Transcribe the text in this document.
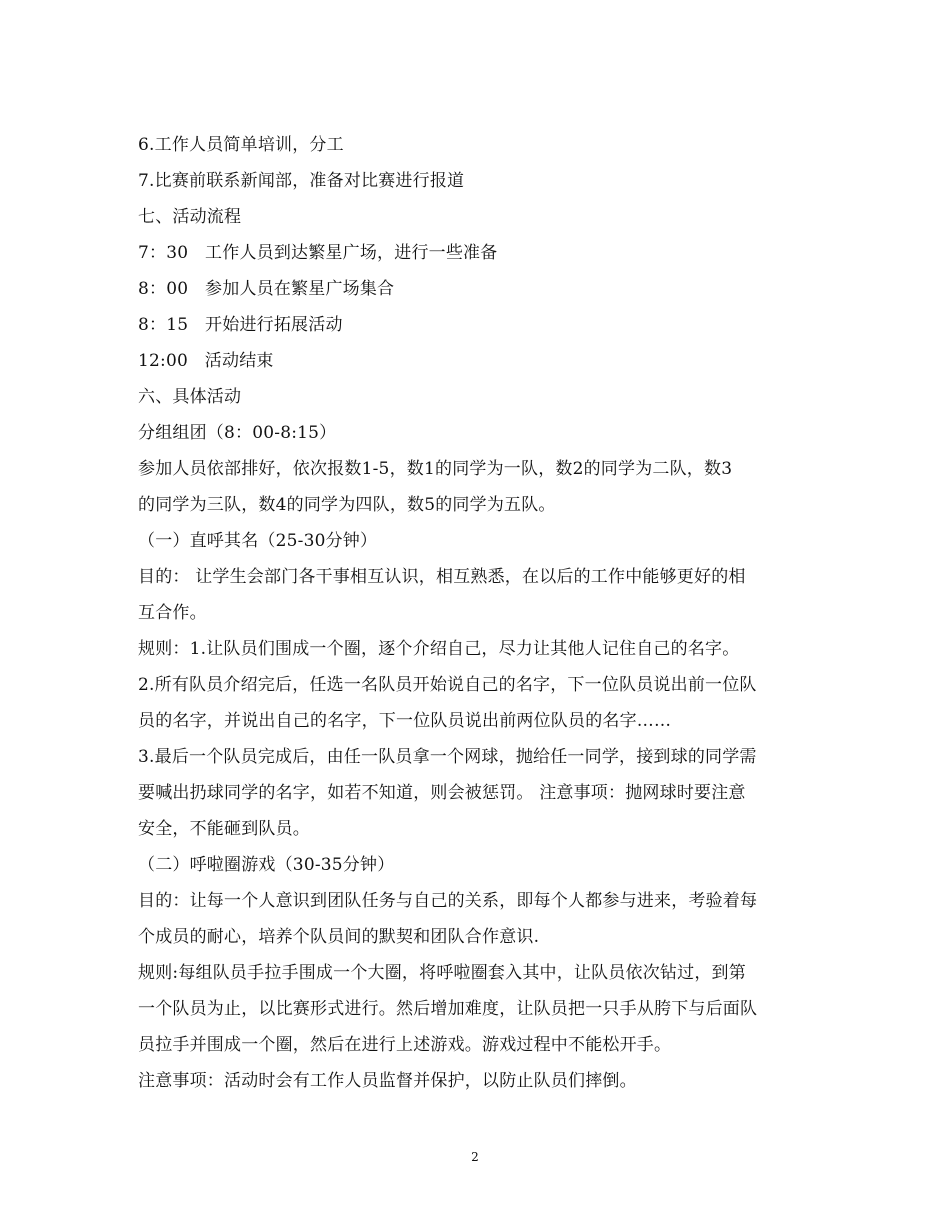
6.工作人员简单培训，分工
7.比赛前联系新闻部，准备对比赛进行报道
七、活动流程
7：30   工作人员到达繁星广场，进行一些准备
8：00   参加人员在繁星广场集合
8：15   开始进行拓展活动
12:00   活动结束
六、具体活动
分组组团（8：00-8:15）
参加人员依部排好，依次报数1-5，数1的同学为一队，数2的同学为二队，数3
的同学为三队，数4的同学为四队，数5的同学为五队。
（一）直呼其名（25-30分钟）
目的： 让学生会部门各干事相互认识，相互熟悉，在以后的工作中能够更好的相
互合作。
规则：1.让队员们围成一个圈，逐个介绍自己，尽力让其他人记住自己的名字。
2.所有队员介绍完后，任选一名队员开始说自己的名字，下一位队员说出前一位队
员的名字，并说出自己的名字，下一位队员说出前两位队员的名字……
3.最后一个队员完成后，由任一队员拿一个网球，抛给任一同学，接到球的同学需
要喊出扔球同学的名字，如若不知道，则会被惩罚。 注意事项：抛网球时要注意
安全，不能砸到队员。
（二）呼啦圈游戏（30-35分钟）
目的：让每一个人意识到团队任务与自己的关系，即每个人都参与进来，考验着每
个成员的耐心，培养个队员间的默契和团队合作意识.
规则:每组队员手拉手围成一个大圈，将呼啦圈套入其中，让队员依次钻过，到第
一个队员为止，以比赛形式进行。然后增加难度，让队员把一只手从胯下与后面队
员拉手并围成一个圈，然后在进行上述游戏。游戏过程中不能松开手。
注意事项：活动时会有工作人员监督并保护，以防止队员们摔倒。
2
